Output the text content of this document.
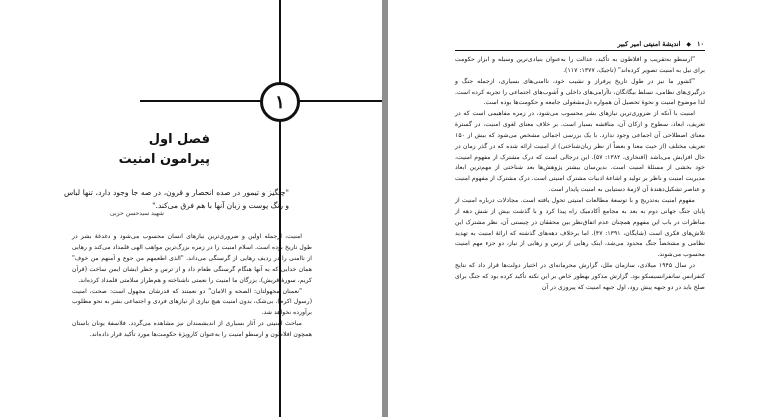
۱
فصل اول
پیرامون امنیت
"چنگیز و تیمور در صده انحصار و قرون، در صه جا وجود دارد، تنها لباس و رنگ پوست و زبان آنها با هم فرق می‌کند."
شهید سید‌حسن حزبی

امنیت، ازجمله اولین و ضروری‌ترین نیازهای انسان محسوب می‌شود و دغدغهٔ بشر در طول تاریخ بوده است. اسلام امنیت را در زمره بزرگ‌ترین مواهب الهی قلمداد می‌کند و رهایی از ناامنی را در ردیف رهایی از گرسنگی می‌داند. "الذی اطعمهم من جوع و آمنهم من خوف" همان خدایی که به آنها هنگام گرسنگی طعام داد و از ترس و خطر ایشان ایمن ساخت (قرآن کریم، سورهٔ قریش). بزرگان ما امنیت را نعمتی ناشناخته و هم‌طراز سلامتی قلمداد کرده‌اند.

"نعمتان مجهولتان: الصحه و الامان" دو نعمتند که قدرشان مجهول است: صحت، امنیت (رسول اکرم). بی‌شک، بدون امنیت هیچ نیازی از نیازهای فردی و اجتماعی بشر به نحو مطلوب برآورده نخواهد شد.

مباحث امنیتی در آثار بسیاری از اندیشمندان نیز مشاهده می‌گردد. فلاسفهٔ یونان باستان همچون افلاطون و ارسطو امنیت را به‌عنوان کارویژهٔ حکومت‌ها مورد تأکید قرار داده‌اند.

۱۰
◆
اندیشهٔ امنیتی امیر کبیر

"ارسطو به‌تقریب و افلاطون به تأکید، عدالت را به‌عنوان بنیادی‌ترین وسیله و ابزار حکومت برای نیل به امنیت تصویر کرده‌اند" (تاجیک، ۱۳۷۷: ۱۱۷).

"کشور ما نیز در طول تاریخ پرفراز و نشیب خود، ناامنی‌های بسیاری، ازجمله جنگ و درگیری‌های نظامی، تسلط بیگانگان، ناآرامی‌های داخلی و آشوب‌های اجتماعی را تجربه کرده است. لذا موضوع امنیت و نحوهٔ تحصیل آن همواره دل‌مشغولی جامعه و حکومت‌ها بوده است.

امنیت با آنکه از ضروری‌ترین نیازهای بشر محسوب می‌شود، در زمره مفاهیمی است که در تعریف، ابعاد، سطوح و ارکان آن، مناقشه بسیار است. بر خلاف معنای لغوی امنیت، در گسترهٔ معنای اصطلاحی آن اجماعی وجود ندارد. با یک بررسی اجمالی مشخص می‌شود که بیش از ۱۵۰ تعریف مختلف (از حیث معنا و بعضاً از نظر زبان‌شناختی) از امنیت ارائه شده که در گذر زمان در حال افزایش می‌باشد (افتخاری، ۱۳۸۲: ۵۷). این درجالی است که درک مشترک از مفهوم امنیت، خود بخشی از مسئلهٔ امنیت است. بدین‌سان بیشتر پژوهش‌ها بعد شناختی از مهم‌ترین ابعاد مدیریت امنیت و ناظر بر تولید و اشاعهٔ ادبیات مشترک امنیتی است. درک مشترک از مفهوم امنیت و عناصر تشکیل‌دهندهٔ آن لازمهٔ دستیابی به امنیت پایدار است.

مفهوم امنیت به‌تدریج و با توسعهٔ مطالعات امنیتی تحول یافته است. مجادلات درباره امنیت از پایان جنگ جهانی دوم به بعد به مجامع آکادمیک راه پیدا کرد و با گذشت بیش از شش دهه از مناظرات در باب این مفهوم همچنان عدم اتفاق‌نظر بین محققان در چیستی آن، نظر مشترک این تلاش‌های فکری است (شایگان، ۱۳۹۱: ۴۷). اما برخلاف دهه‌های گذشته که ارائهٔ امنیت به تهدید نظامی و مشخصاً جنگ محدود می‌شد، اینک رهایی از ترس و رهایی از نیاز، دو جزء مهم امنیت محسوب می‌شوند.

در سال ۱۹۴۵ میلادی، سازمان ملل، گزارش محرمانه‌ای در اختیار دولت‌ها قرار داد که نتایج کنفرانس سانفرانسیسکو بود. گزارش مذکور بهطور خاص بر این نکته تأکید کرده بود که جنگ برای صلح باید در دو جبهه پیش رود، اول جبهه امنیت که پیروزی در آن
